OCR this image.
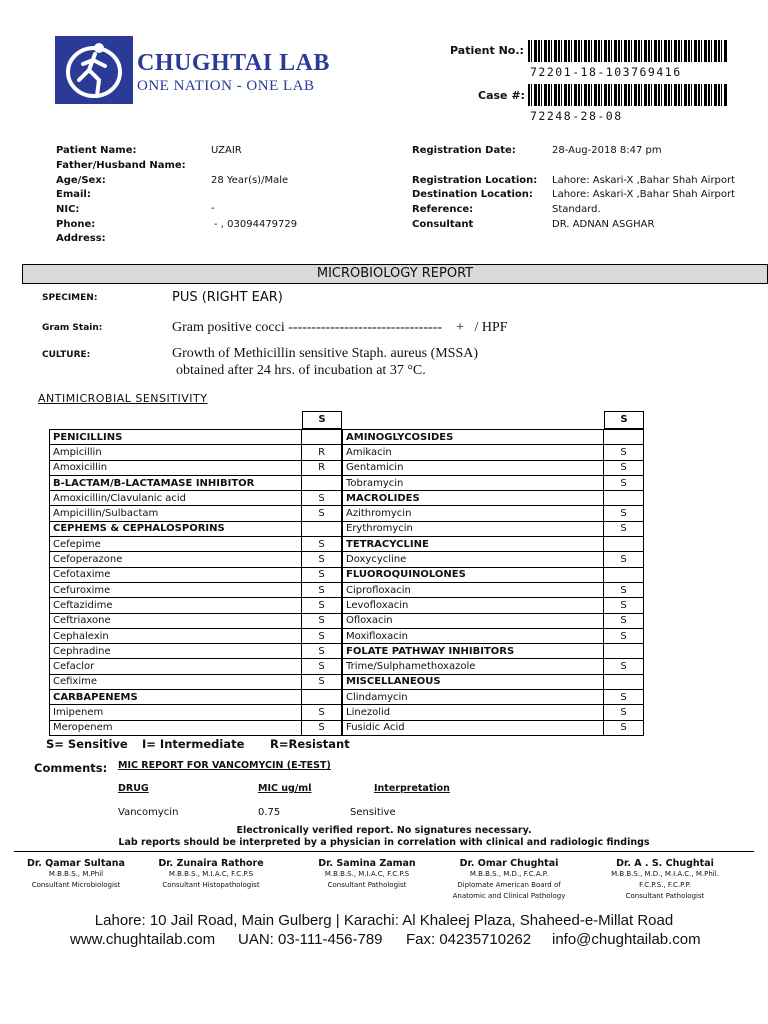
CHUGHTAI LAB
ONE NATION - ONE LAB
Patient No.:
72201-18-103769416
Case #:
72248-28-08
Patient Name:	UZAIR
Father/Husband Name:
Age/Sex:	28 Year(s)/Male
Email:
NIC:	-
Phone:	- , 03094479729
Address:
Registration Date:	28-Aug-2018 8:47 pm
Registration Location: Lahore: Askari-X ,Bahar Shah Airport
Destination Location: Lahore: Askari-X ,Bahar Shah Airport
Reference:	Standard.
Consultant	DR. ADNAN ASGHAR
MICROBIOLOGY REPORT
SPECIMEN:	PUS (RIGHT EAR)
Gram Stain:	Gram positive cocci ---------------------------------    +   / HPF
CULTURE:	Growth of Methicillin sensitive Staph. aureus (MSSA)
obtained after 24 hrs. of incubation at 37 °C.
ANTIMICROBIAL SENSITIVITY
S	S
PENICILLINS	
Ampicillin	R
Amoxicillin	R
B-LACTAM/B-LACTAMASE INHIBITOR	
Amoxicillin/Clavulanic acid	S
Ampicillin/Sulbactam	S
CEPHEMS & CEPHALOSPORINS	
Cefepime	S
Cefoperazone	S
Cefotaxime	S
Cefuroxime	S
Ceftazidime	S
Ceftriaxone	S
Cephalexin	S
Cephradine	S
Cefaclor	S
Cefixime	S
CARBAPENEMS	
Imipenem	S
Meropenem	S
AMINOGLYCOSIDES	
Amikacin	S
Gentamicin	S
Tobramycin	S
MACROLIDES	
Azithromycin	S
Erythromycin	S
TETRACYCLINE	
Doxycycline	S
FLUOROQUINOLONES	
Ciprofloxacin	S
Levofloxacin	S
Ofloxacin	S
Moxifloxacin	S
FOLATE PATHWAY INHIBITORS	
Trime/Sulphamethoxazole	S
MISCELLANEOUS	
Clindamycin	S
Linezolid	S
Fusidic Acid	S
S= Sensitive I= Intermediate R=Resistant
Comments: MIC REPORT FOR VANCOMYCIN (E-TEST)
DRUG	MIC ug/ml	Interpretation
Vancomycin	0.75	Sensitive
Electronically verified report. No signatures necessary.
Lab reports should be interpreted by a physician in correlation with clinical and radiologic findings
Dr. Qamar Sultana
M.B.B.S., M.Phil
Consultant Microbiologist
Dr. Zunaira Rathore
M.B.B.S., M.I.A.C, F.C.P.S
Consultant Histopathologist
Dr. Samina Zaman
M.B.B.S., M.I.A.C, F.C.P.S
Consultant Pathologist
Dr. Omar Chughtai
M.B.B.S., M.D., F.C.A.P.
Diplomate American Board of
Anatomic and Clinical Pathology
Dr. A . S. Chughtai
M.B.B.S., M.D., M.I.A.C., M.Phil.
F.C.P.S., F.C.P.P.
Consultant Pathologist
Lahore: 10 Jail Road, Main Gulberg | Karachi: Al Khaleej Plaza, Shaheed-e-Millat Road
www.chughtailab.com UAN: 03-111-456-789 Fax: 04235710262 info@chughtailab.com
